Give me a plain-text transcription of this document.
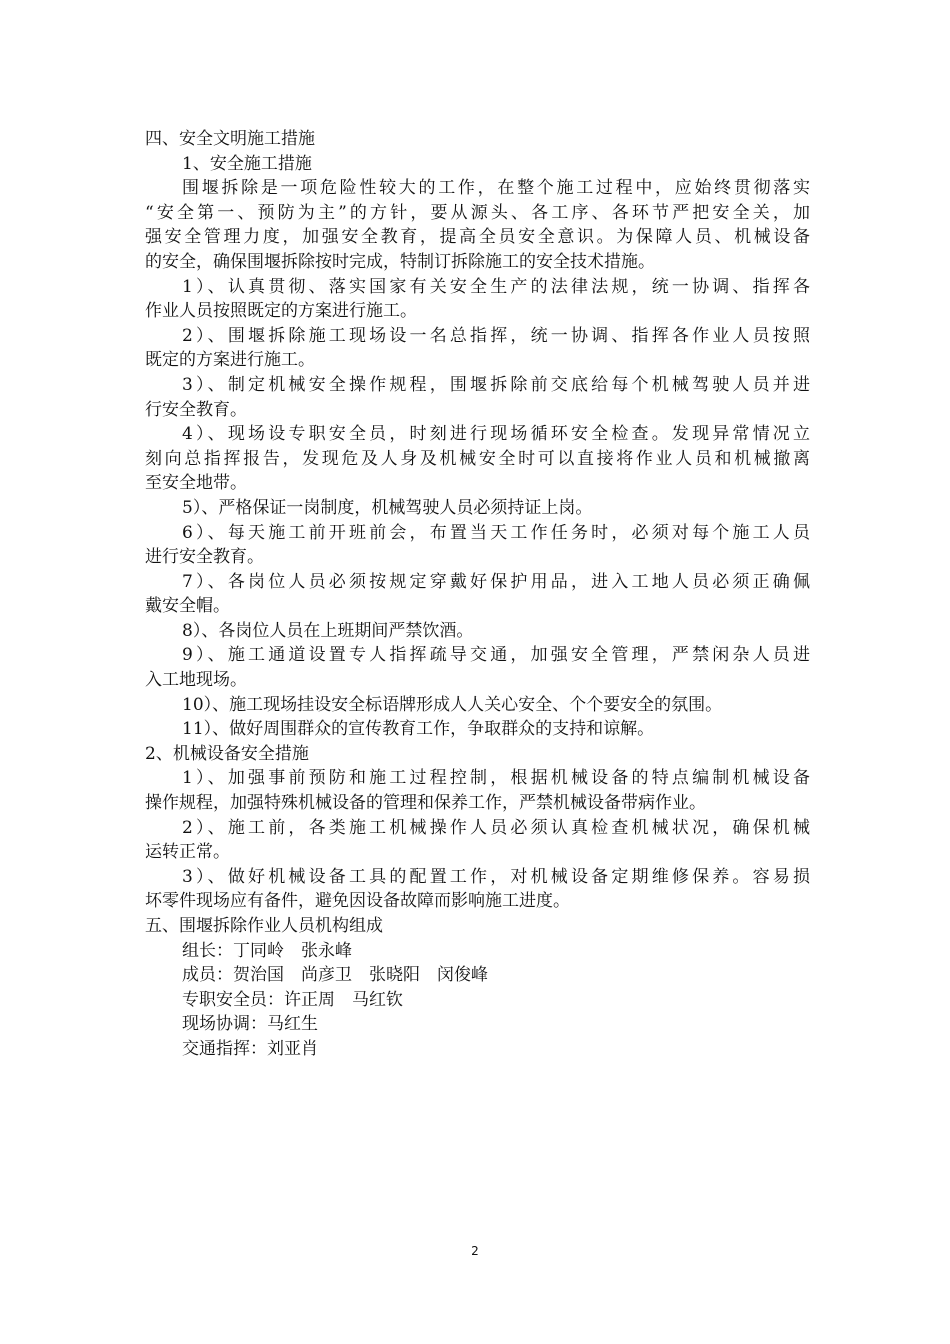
四、安全文明施工措施
1、安全施工措施
围堰拆除是一项危险性较大的工作，在整个施工过程中，应始终贯彻落实
“安全第一、预防为主”的方针，要从源头、各工序、各环节严把安全关，加
强安全管理力度，加强安全教育，提高全员安全意识。为保障人员、机械设备
的安全，确保围堰拆除按时完成，特制订拆除施工的安全技术措施。
1）、认真贯彻、落实国家有关安全生产的法律法规，统一协调、指挥各
作业人员按照既定的方案进行施工。
2）、围堰拆除施工现场设一名总指挥，统一协调、指挥各作业人员按照
既定的方案进行施工。
3）、制定机械安全操作规程，围堰拆除前交底给每个机械驾驶人员并进
行安全教育。
4）、现场设专职安全员，时刻进行现场循环安全检查。发现异常情况立
刻向总指挥报告，发现危及人身及机械安全时可以直接将作业人员和机械撤离
至安全地带。
5）、严格保证一岗制度，机械驾驶人员必须持证上岗。
6）、每天施工前开班前会，布置当天工作任务时，必须对每个施工人员
进行安全教育。
7）、各岗位人员必须按规定穿戴好保护用品，进入工地人员必须正确佩
戴安全帽。
8）、各岗位人员在上班期间严禁饮酒。
9）、施工通道设置专人指挥疏导交通，加强安全管理，严禁闲杂人员进
入工地现场。
10）、施工现场挂设安全标语牌形成人人关心安全、个个要安全的氛围。
11）、做好周围群众的宣传教育工作，争取群众的支持和谅解。
2、机械设备安全措施
1）、加强事前预防和施工过程控制，根据机械设备的特点编制机械设备
操作规程，加强特殊机械设备的管理和保养工作，严禁机械设备带病作业。
2）、施工前，各类施工机械操作人员必须认真检查机械状况，确保机械
运转正常。
3）、做好机械设备工具的配置工作，对机械设备定期维修保养。容易损
坏零件现场应有备件，避免因设备故障而影响施工进度。
五、围堰拆除作业人员机构组成
组长：丁同岭　张永峰
成员：贺治国　尚彦卫　张晓阳　闵俊峰
专职安全员：许正周　马红钦
现场协调：马红生
交通指挥：刘亚肖
2
